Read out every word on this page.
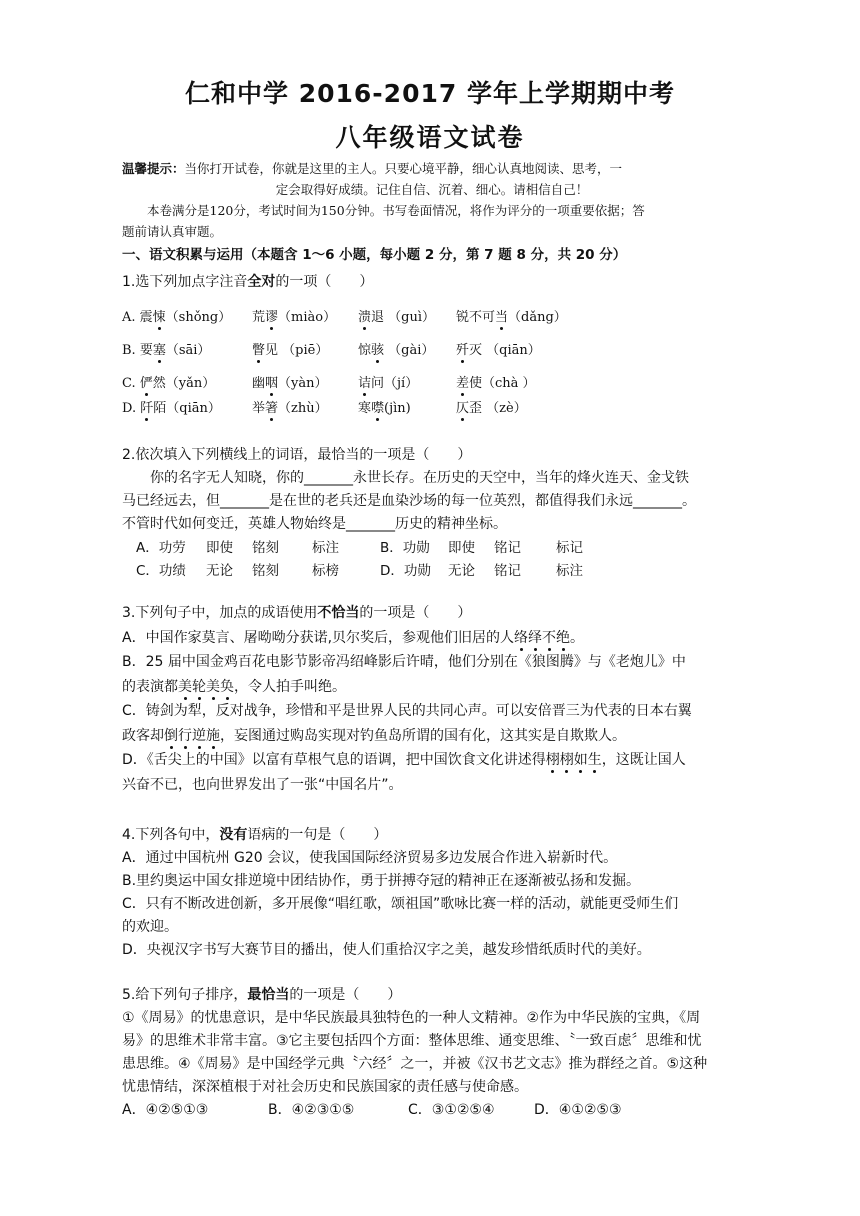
仁和中学 2016-2017 学年上学期期中考
八年级语文试卷

温馨提示：当你打开试卷，你就是这里的主人。只要心境平静，细心认真地阅读、思考，一

定会取得好成绩。记住自信、沉着、细心。请相信自己！

本卷满分是120分，考试时间为150分钟。书写卷面情况，将作为评分的一项重要依据；答

题前请认真审题。

一、语文积累与运用（本题含 1～6 小题，每小题 2 分，第 7 题 8 分，共 20 分）
1.选下列加点字注音全对的一项（　　）
A. 震悚（shǒng） 荒谬（miào） 溃退 （guì） 锐不可当（dǎng）
B. 要塞（sāi）	瞥见 （piē） 惊骇 （gài） 歼灭 （qiān）
C. 俨然（yǎn）	幽咽（yàn） 诘问（jí）	差使（chà ）
D. 阡陌（qiān） 举箸（zhù） 寒噤(jìn)	仄歪 （zè）

2.依次填入下列横线上的词语，最恰当的一项是（　　）

你的名字无人知晓，你的_______永世长存。在历史的天空中，当年的烽火连天、金戈铁

马已经远去，但_______是在世的老兵还是血染沙场的每一位英烈，都值得我们永远_______。

不管时代如何变迁，英雄人物始终是_______历史的精神坐标。

A．功劳 即使 铭刻 标注	B．功勋 即使 铭记	标记
C．功绩 无论 铭刻 标榜	D．功勋 无论 铭记	标注

3.下列句子中，加点的成语使用不恰当的一项是（　　）

A．中国作家莫言、屠呦呦分获诺,贝尔奖后，参观他们旧居的人络绎不绝。

B．25 届中国金鸡百花电影节影帝冯绍峰影后许晴，他们分别在《狼图腾》与《老炮儿》中

的表演都美轮美奂，令人拍手叫绝。

C．铸剑为犁，反对战争，珍惜和平是世界人民的共同心声。可以安倍晋三为代表的日本右翼

政客却倒行逆施，妄图通过购岛实现对钓鱼岛所谓的国有化，这其实是自欺欺人。

D．《舌尖上的中国》以富有草根气息的语调，把中国饮食文化讲述得栩栩如生，这既让国人

兴奋不已，也向世界发出了一张“中国名片”。

4.下列各句中，没有语病的一句是（　　）

A．通过中国杭州 G20 会议，使我国国际经济贸易多边发展合作进入崭新时代。

B.里约奥运中国女排逆境中团结协作，勇于拼搏夺冠的精神正在逐渐被弘扬和发掘。

C．只有不断改进创新，多开展像“唱红歌，颂祖国”歌咏比赛一样的活动，就能更受师生们

的欢迎。

D．央视汉字书写大赛节目的播出，使人们重拾汉字之美，越发珍惜纸质时代的美好。

5.给下列句子排序，最恰当的一项是（　　）

①《周易》的忧患意识，是中华民族最具独特色的一种人文精神。②作为中华民族的宝典，《周

易》的思维术非常丰富。③它主要包括四个方面：整体思维、通变思维、〝一致百虑〞思维和忧

患思维。④《周易》是中国经学元典〝六经〞之一，并被《汉书艺文志》推为群经之首。⑤这种

忧患情结，深深植根于对社会历史和民族国家的责任感与使命感。

A．④②⑤①③	B．④②③①⑤	C．③①②⑤④	D．④①②⑤③
